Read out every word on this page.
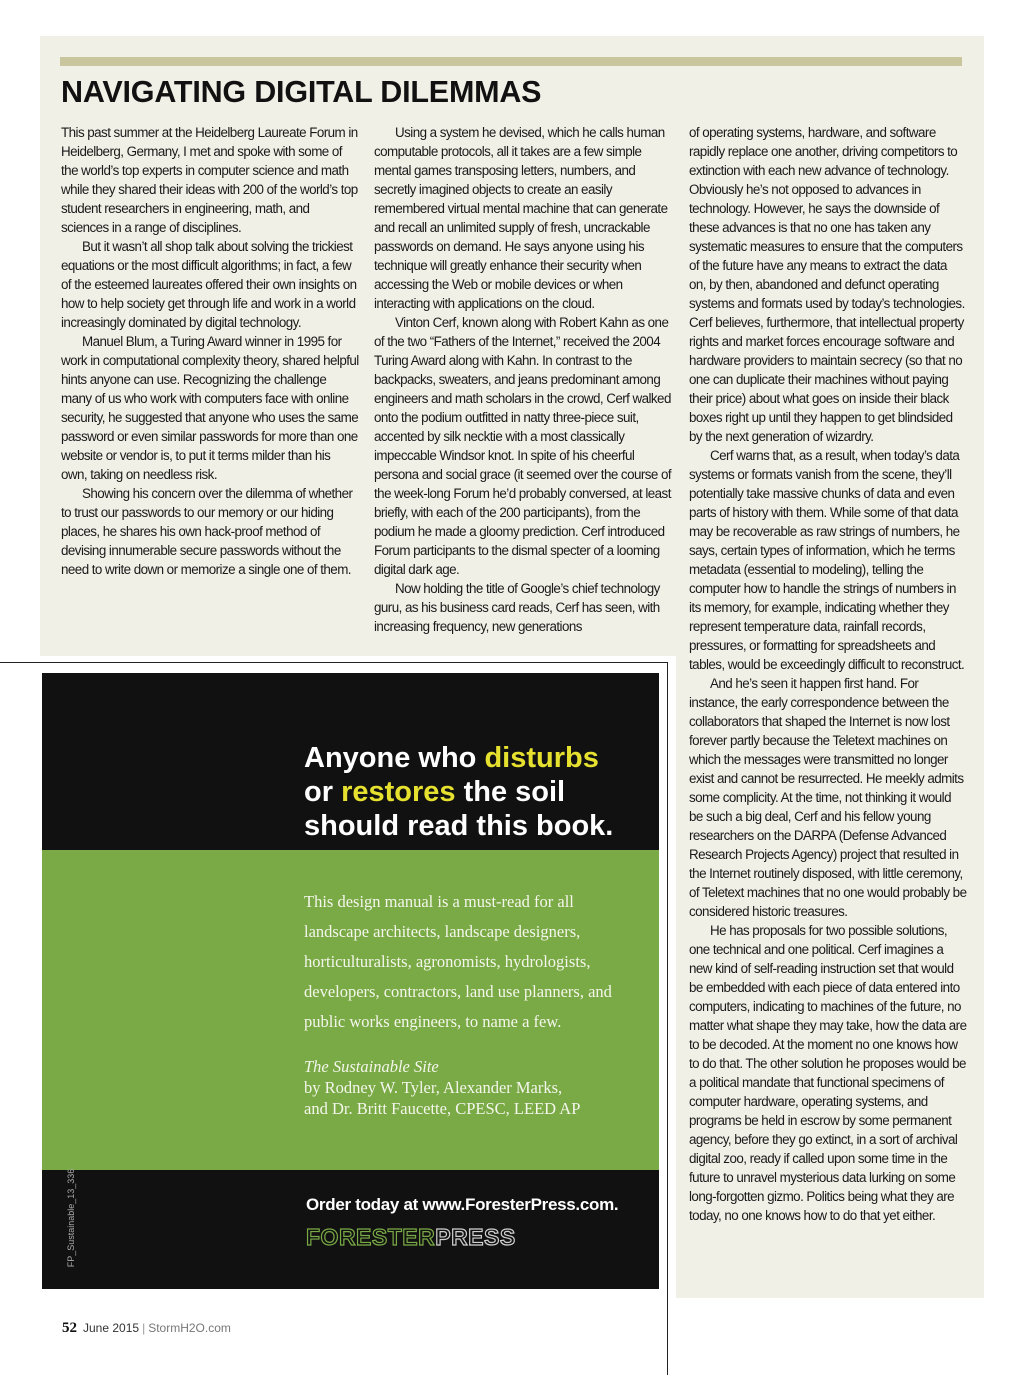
NAVIGATING DIGITAL DILEMMAS

This past summer at the Heidelberg Laureate Forum in Heidelberg, Germany, I met and spoke with some of the world’s top experts in computer science and math while they shared their ideas with 200 of the world’s top student researchers in engineering, math, and sciences in a range of disciplines.

But it wasn’t all shop talk about solving the trickiest equations or the most difficult algorithms; in fact, a few of the esteemed laureates offered their own insights on how to help society get through life and work in a world increasingly dominated by digital technology.

Manuel Blum, a Turing Award winner in 1995 for work in computational complexity theory, shared helpful hints anyone can use. Recognizing the challenge many of us who work with computers face with online security, he suggested that anyone who uses the same password or even similar passwords for more than one website or vendor is, to put it terms milder than his own, taking on needless risk.

Showing his concern over the dilemma of whether to trust our passwords to our memory or our hiding places, he shares his own hack-proof method of devising innumerable secure passwords without the need to write down or memorize a single one of them.

Using a system he devised, which he calls human computable protocols, all it takes are a few simple mental games transposing letters, numbers, and secretly imagined objects to create an easily remembered virtual mental machine that can generate and recall an unlimited supply of fresh, uncrackable passwords on demand. He says anyone using his technique will greatly enhance their security when accessing the Web or mobile devices or when interacting with applications on the cloud.

Vinton Cerf, known along with Robert Kahn as one of the two “Fathers of the Internet,” received the 2004 Turing Award along with Kahn. In contrast to the backpacks, sweaters, and jeans predominant among engineers and math scholars in the crowd, Cerf walked onto the podium outfitted in natty three-piece suit, accented by silk necktie with a most classically impeccable Windsor knot. In spite of his cheerful persona and social grace (it seemed over the course of the week-long Forum he’d probably conversed, at least briefly, with each of the 200 participants), from the podium he made a gloomy prediction. Cerf introduced Forum participants to the dismal specter of a looming digital dark age.

Now holding the title of Google’s chief technology guru, as his business card reads, Cerf has seen, with increasing frequency, new generations

of operating systems, hardware, and software rapidly replace one another, driving competitors to extinction with each new advance of technology. Obviously he’s not opposed to advances in technology. However, he says the downside of these advances is that no one has taken any systematic measures to ensure that the computers of the future have any means to extract the data on, by then, abandoned and defunct operating systems and formats used by today’s technologies. Cerf believes, furthermore, that intellectual property rights and market forces encourage software and hardware providers to maintain secrecy (so that no one can duplicate their machines without paying their price) about what goes on inside their black boxes right up until they happen to get blindsided by the next generation of wizardry.

Cerf warns that, as a result, when today’s data systems or formats vanish from the scene, they’ll potentially take massive chunks of data and even parts of history with them. While some of that data may be recoverable as raw strings of numbers, he says, certain types of information, which he terms metadata (essential to modeling), telling the computer how to handle the strings of numbers in its memory, for example, indicating whether they represent temperature data, rainfall records, pressures, or formatting for spreadsheets and tables, would be exceedingly difficult to reconstruct.

And he’s seen it happen first hand. For instance, the early correspondence between the collaborators that shaped the Internet is now lost forever partly because the Teletext machines on which the messages were transmitted no longer exist and cannot be resurrected. He meekly admits some complicity. At the time, not thinking it would be such a big deal, Cerf and his fellow young researchers on the DARPA (Defense Advanced Research Projects Agency) project that resulted in the Internet routinely disposed, with little ceremony, of Teletext machines that no one would probably be considered historic treasures.

He has proposals for two possible solutions, one technical and one political. Cerf imagines a new kind of self-reading instruction set that would be embedded with each piece of data entered into computers, indicating to machines of the future, no matter what shape they may take, how the data are to be decoded. At the moment no one knows how to do that. The other solution he proposes would be a political mandate that functional specimens of computer hardware, operating systems, and programs be held in escrow by some permanent agency, before they go extinct, in a sort of archival digital zoo, ready if called upon some time in the future to unravel mysterious data lurking on some long-forgotten gizmo. Politics being what they are today, no one knows how to do that yet either.

Anyone who disturbs
or restores the soil
should read this book.
This design manual is a must-read for all landscape architects, landscape designers, horticulturalists, agronomists, hydrologists, developers, contractors, land use planners, and public works engineers, to name a few.
The Sustainable Site
by Rodney W. Tyler, Alexander Marks,
and Dr. Britt Faucette, CPESC, LEED AP
Order today at www.ForesterPress.com.
FORESTERPRESS
FP_Sustainable_13_336
52 June 2015 | StormH2O.com
